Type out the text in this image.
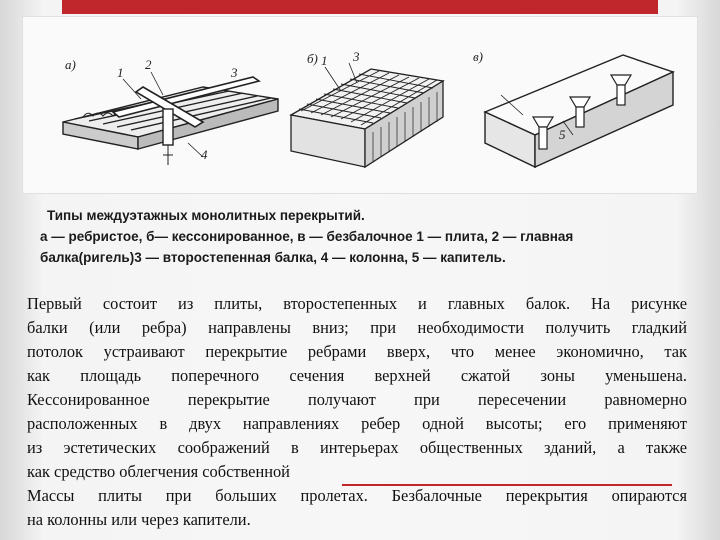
а)	б)	в)
1
2
3
4
5
1 3
Типы междуэтажных монолитных перекрытий.
а — ребристое, б— кессонированное, в — безбалочное 1 — плита, 2 — главная
балка(ригель)3 — второстепенная балка, 4 — колонна, 5 — капитель.
Первый состоит из плиты, второстепенных и главных балок. На рисунке
балки (или ребра) направлены вниз; при необходимости получить гладкий
потолок устраивают перекрытие ребрами вверх, что менее экономично, так
как площадь поперечного сечения верхней сжатой зоны уменьшена.
Кессонированное перекрытие получают при пересечении равномерно
расположенных в двух направлениях ребер одной высоты; его применяют
из эстетических соображений в интерьерах общественных зданий, а также
как средство облегчения собственной
Массы плиты при больших пролетах. Безбалочные перекрытия опираются
на колонны или через капители.
